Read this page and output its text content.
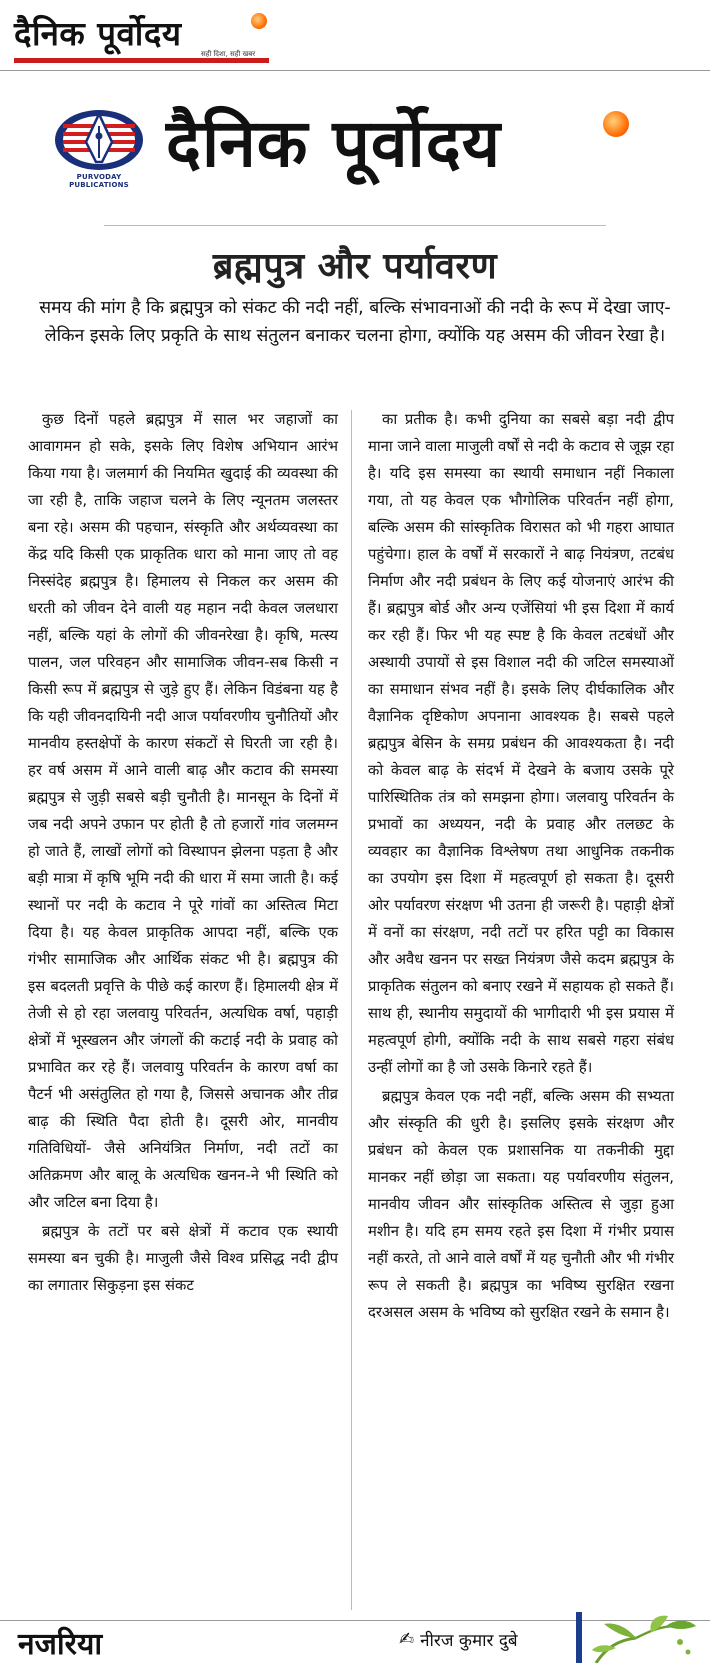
दैनिक पूर्वोदय
सही दिशा, सही खबर
PURVODAY PUBLICATIONS
दैनिक पूर्वोदय
ब्रह्मपुत्र और पर्यावरण
समय की मांग है कि ब्रह्मपुत्र को संकट की नदी नहीं, बल्कि संभावनाओं की नदी के रूप में देखा जाए-लेकिन इसके लिए प्रकृति के साथ संतुलन बनाकर चलना होगा, क्योंकि यह असम की जीवन रेखा है।

कुछ दिनों पहले ब्रह्मपुत्र में साल भर जहाजों का आवागमन हो सके, इसके लिए विशेष अभियान आरंभ किया गया है। जलमार्ग की नियमित खुदाई की व्यवस्था की जा रही है, ताकि जहाज चलने के लिए न्यूनतम जलस्तर बना रहे। असम की पहचान, संस्कृति और अर्थव्यवस्था का केंद्र यदि किसी एक प्राकृतिक धारा को माना जाए तो वह निस्संदेह ब्रह्मपुत्र है। हिमालय से निकल कर असम की धरती को जीवन देने वाली यह महान नदी केवल जलधारा नहीं, बल्कि यहां के लोगों की जीवनरेखा है। कृषि, मत्स्य पालन, जल परिवहन और सामाजिक जीवन-सब किसी न किसी रूप में ब्रह्मपुत्र से जुड़े हुए हैं। लेकिन विडंबना यह है कि यही जीवनदायिनी नदी आज पर्यावरणीय चुनौतियों और मानवीय हस्तक्षेपों के कारण संकटों से घिरती जा रही है। हर वर्ष असम में आने वाली बाढ़ और कटाव की समस्या ब्रह्मपुत्र से जुड़ी सबसे बड़ी चुनौती है। मानसून के दिनों में जब नदी अपने उफान पर होती है तो हजारों गांव जलमग्न हो जाते हैं, लाखों लोगों को विस्थापन झेलना पड़ता है और बड़ी मात्रा में कृषि भूमि नदी की धारा में समा जाती है। कई स्थानों पर नदी के कटाव ने पूरे गांवों का अस्तित्व मिटा दिया है। यह केवल प्राकृतिक आपदा नहीं, बल्कि एक गंभीर सामाजिक और आर्थिक संकट भी है। ब्रह्मपुत्र की इस बदलती प्रवृत्ति के पीछे कई कारण हैं। हिमालयी क्षेत्र में तेजी से हो रहा जलवायु परिवर्तन, अत्यधिक वर्षा, पहाड़ी क्षेत्रों में भूस्खलन और जंगलों की कटाई नदी के प्रवाह को प्रभावित कर रहे हैं। जलवायु परिवर्तन के कारण वर्षा का पैटर्न भी असंतुलित हो गया है, जिससे अचानक और तीव्र बाढ़ की स्थिति पैदा होती है। दूसरी ओर, मानवीय गतिविधियों- जैसे अनियंत्रित निर्माण, नदी तटों का अतिक्रमण और बालू के अत्यधिक खनन-ने भी स्थिति को और जटिल बना दिया है।

ब्रह्मपुत्र के तटों पर बसे क्षेत्रों में कटाव एक स्थायी समस्या बन चुकी है। माजुली जैसे विश्व प्रसिद्ध नदी द्वीप का लगातार सिकुड़ना इस संकट

का प्रतीक है। कभी दुनिया का सबसे बड़ा नदी द्वीप माना जाने वाला माजुली वर्षों से नदी के कटाव से जूझ रहा है। यदि इस समस्या का स्थायी समाधान नहीं निकाला गया, तो यह केवल एक भौगोलिक परिवर्तन नहीं होगा, बल्कि असम की सांस्कृतिक विरासत को भी गहरा आघात पहुंचेगा। हाल के वर्षों में सरकारों ने बाढ़ नियंत्रण, तटबंध निर्माण और नदी प्रबंधन के लिए कई योजनाएं आरंभ की हैं। ब्रह्मपुत्र बोर्ड और अन्य एजेंसियां भी इस दिशा में कार्य कर रही हैं। फिर भी यह स्पष्ट है कि केवल तटबंधों और अस्थायी उपायों से इस विशाल नदी की जटिल समस्याओं का समाधान संभव नहीं है। इसके लिए दीर्घकालिक और वैज्ञानिक दृष्टिकोण अपनाना आवश्यक है। सबसे पहले ब्रह्मपुत्र बेसिन के समग्र प्रबंधन की आवश्यकता है। नदी को केवल बाढ़ के संदर्भ में देखने के बजाय उसके पूरे पारिस्थितिक तंत्र को समझना होगा। जलवायु परिवर्तन के प्रभावों का अध्ययन, नदी के प्रवाह और तलछट के व्यवहार का वैज्ञानिक विश्लेषण तथा आधुनिक तकनीक का उपयोग इस दिशा में महत्वपूर्ण हो सकता है। दूसरी ओर पर्यावरण संरक्षण भी उतना ही जरूरी है। पहाड़ी क्षेत्रों में वनों का संरक्षण, नदी तटों पर हरित पट्टी का विकास और अवैध खनन पर सख्त नियंत्रण जैसे कदम ब्रह्मपुत्र के प्राकृतिक संतुलन को बनाए रखने में सहायक हो सकते हैं। साथ ही, स्थानीय समुदायों की भागीदारी भी इस प्रयास में महत्वपूर्ण होगी, क्योंकि नदी के साथ सबसे गहरा संबंध उन्हीं लोगों का है जो उसके किनारे रहते हैं।

ब्रह्मपुत्र केवल एक नदी नहीं, बल्कि असम की सभ्यता और संस्कृति की धुरी है। इसलिए इसके संरक्षण और प्रबंधन को केवल एक प्रशासनिक या तकनीकी मुद्दा मानकर नहीं छोड़ा जा सकता। यह पर्यावरणीय संतुलन, मानवीय जीवन और सांस्कृतिक अस्तित्व से जुड़ा हुआ मशीन है। यदि हम समय रहते इस दिशा में गंभीर प्रयास नहीं करते, तो आने वाले वर्षों में यह चुनौती और भी गंभीर रूप ले सकती है। ब्रह्मपुत्र का भविष्य सुरक्षित रखना दरअसल असम के भविष्य को सुरक्षित रखने के समान है।

नजरिया	✍ नीरज कुमार दुबे
